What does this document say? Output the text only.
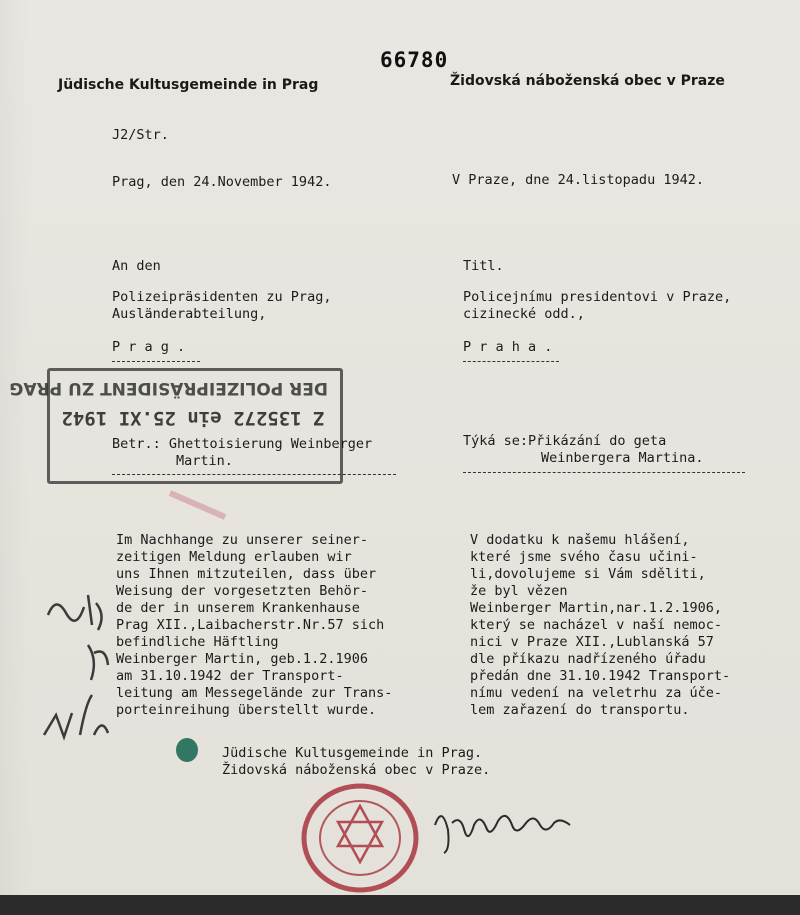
66780
Jüdische Kultusgemeinde in Prag	Židovská náboženská obec v Praze
J2/Str.
Prag, den 24.November 1942.	V Praze, dne 24.listopadu 1942.
An den
Polizeipräsidenten zu Prag,
Ausländerabteilung,
P r a g .
Titl.
Policejnímu presidentovi v Praze,
cizinecké odd.,
P r a h a .
DER POLIZEIPRÄSIDENT ZU PRAG
Z 135272 ein 25.XI 1942
Betr.: Ghettoisierung Weinberger
Martin.
Týká se:Přikázání do geta
Weinbergera Martina.
Im Nachhange zu unserer seiner-
zeitigen Meldung erlauben wir
uns Ihnen mitzuteilen, dass über
Weisung der vorgesetzten Behör-
de der in unserem Krankenhause
Prag XII.,Laibacherstr.Nr.57 sich
befindliche Häftling
Weinberger Martin, geb.1.2.1906
am 31.10.1942 der Transport-
leitung am Messegelände zur Trans-
porteinreihung überstellt wurde.
V dodatku k našemu hlášení,
které jsme svého času učini-
li,dovolujeme si Vám sděliti,
že byl vězen
Weinberger Martin,nar.1.2.1906,
který se nacházel v naší nemoc-
nici v Praze XII.,Lublanská 57
dle příkazu nadřízeného úřadu
předán dne 31.10.1942 Transport-
nímu vedení na veletrhu za úče-
lem zařazení do transportu.
Jüdische Kultusgemeinde in Prag.
Židovská náboženská obec v Praze.
